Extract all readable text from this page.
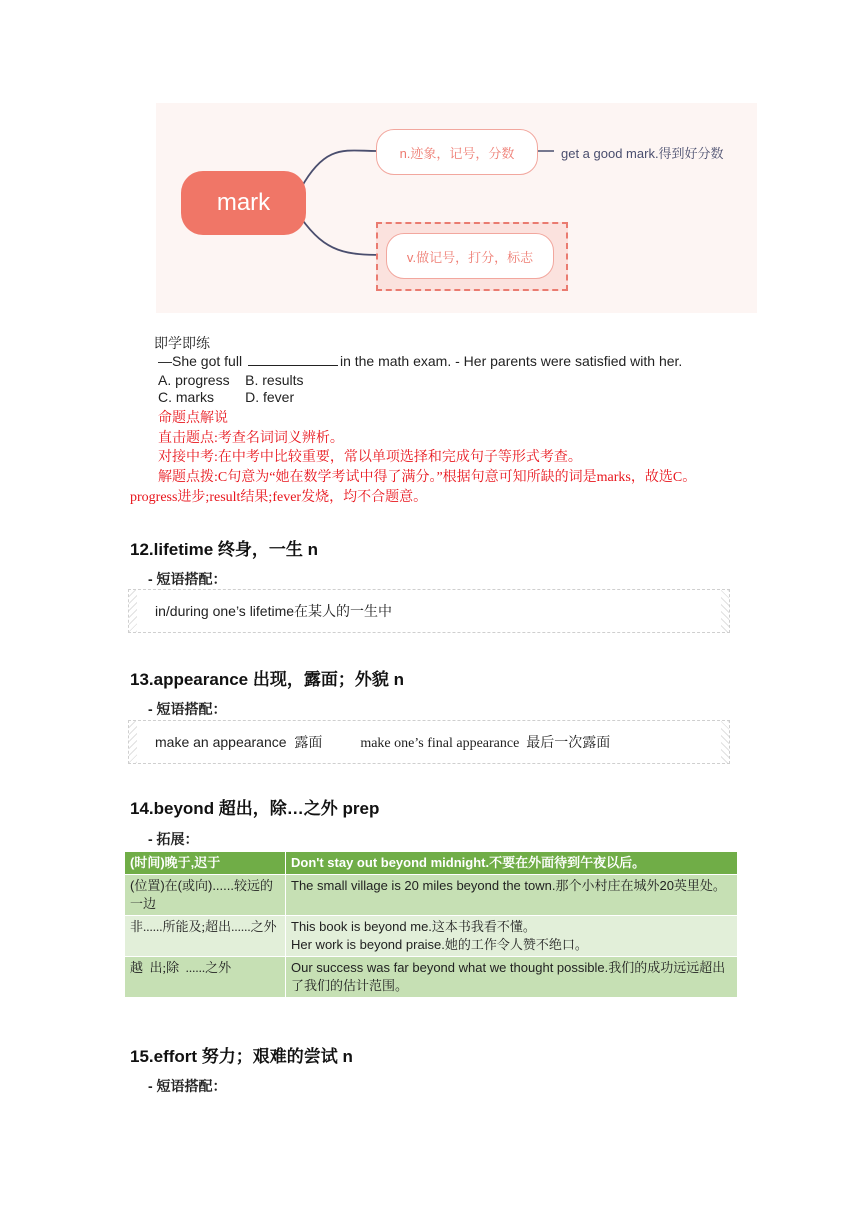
mark
n.迹象，记号，分数	get a good mark.得到好分数
v.做记号，打分，标志
即学即练
—She got full	in the math exam. - Her parents were satisfied with her.
A. progress    B. results
C. marks        D. fever
命题点解说
直击题点:考查名词词义辨析。
对接中考:在中考中比较重要，常以单项选择和完成句子等形式考查。
解题点拨:C句意为“她在数学考试中得了满分。”根据句意可知所缺的词是marks，故选C。
progress进步;result结果;fever发烧，均不合题意。
12.lifetime 终身，一生 n
- 短语搭配：
in/during one’s lifetime在某人的一生中
13.appearance 出现，露面；外貌 n
- 短语搭配：
make an appearance  露面	make one’s final appearance  最后一次露面
14.beyond 超出，除…之外 prep
- 拓展：
(时间)晚于,迟于	Don't stay out beyond midnight.不要在外面待到午夜以后。
(位置)在(或向)......较远的一边	The small village is 20 miles beyond the town.那个小村庄在城外20英里处。
非......所能及;超出......之外	This book is beyond me.这本书我看不懂。
Her work is beyond praise.她的工作令人赞不绝口。

越  出;除  ......之外	Our success was far beyond what we thought possible.我们的成功远远超出了我们的估计范围。
15.effort 努力；艰难的尝试 n
- 短语搭配：
